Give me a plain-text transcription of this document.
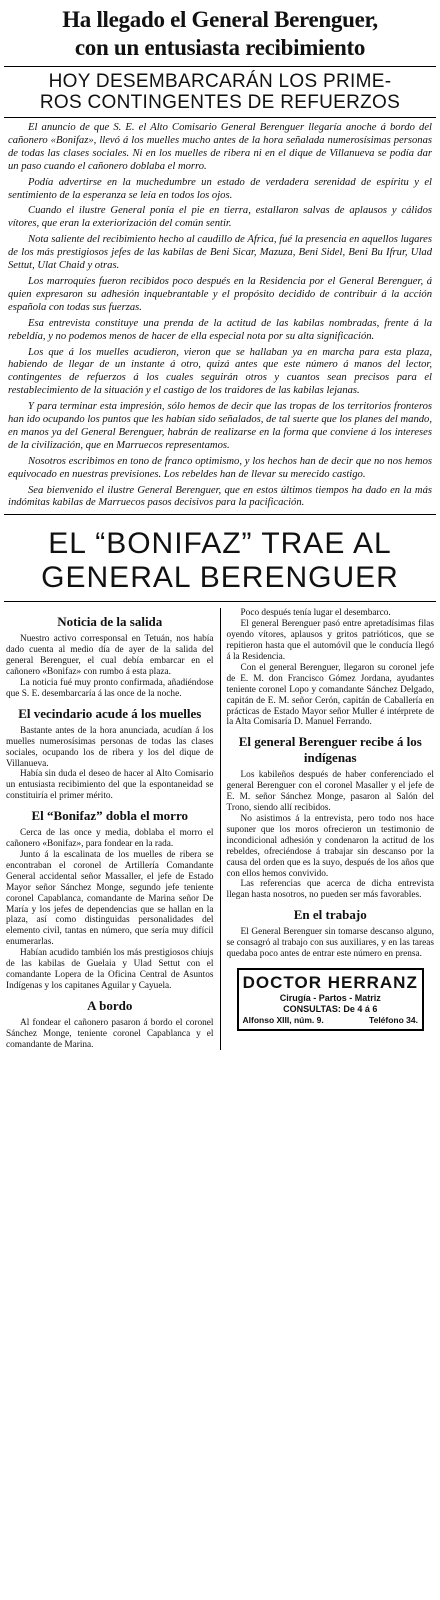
Ha llegado el General Berenguer,
con un entusiasta recibimiento
HOY DESEMBARCARÁN LOS PRIME-
ROS CONTINGENTES DE REFUERZOS

El anuncio de que S. E. el Alto Comisario General Berenguer llegaría anoche á bordo del cañonero «Bonifaz», llevó á los muelles mucho antes de la hora señalada numerosísimas personas de todas las clases sociales. Ni en los muelles de ribera ni en el dique de Villanueva se podía dar un paso cuando el cañonero doblaba el morro.

Podía advertirse en la muchedumbre un estado de verdadera serenidad de espíritu y el sentimiento de la esperanza se leía en todos los ojos.

Cuando el ilustre General ponía el pie en tierra, estallaron salvas de aplausos y cálidos vítores, que eran la exteriorización del común sentir.

Nota saliente del recibimiento hecho al caudillo de Africa, fué la presencia en aquellos lugares de los más prestigiosos jefes de las kabilas de Beni Sicar, Mazuza, Beni Sidel, Beni Bu Ifrur, Ulad Settut, Ulat Chaid y otras.

Los marroquíes fueron recibidos poco después en la Residencia por el General Berenguer, á quien expresaron su adhesión inquebrantable y el propósito decidido de contribuir á la acción española con todas sus fuerzas.

Esa entrevista constituye una prenda de la actitud de las kabilas nombradas, frente á la rebeldía, y no podemos menos de hacer de ella especial nota por su alta significación.

Los que á los muelles acudieron, vieron que se hallaban ya en marcha para esta plaza, habiendo de llegar de un instante á otro, quizá antes que este número á manos del lector, contingentes de refuerzos á los cuales seguirán otros y cuantos sean precisos para el restablecimiento de la situación y el castigo de los traidores de las kabilas lejanas.

Y para terminar esta impresión, sólo hemos de decir que las tropas de los territorios fronteros han ido ocupando los puntos que les habían sido señalados, de tal suerte que los planes del mando, en manos ya del General Berenguer, habrán de realizarse en la forma que conviene á los intereses de la civilización, que en Marruecos representamos.

Nosotros escribimos en tono de franco optimismo, y los hechos han de decir que no nos hemos equivocado en nuestras previsiones. Los rebeldes han de llevar su merecido castigo.

Sea bienvenido el ilustre General Berenguer, que en estos últimos tiempos ha dado en la más indómitas kabilas de Marruecos pasos decisivos para la pacificación.

EL “BONIFAZ” TRAE AL
GENERAL BERENGUER
Noticia de la salida

Nuestro activo corresponsal en Tetuán, nos había dado cuenta al medio día de ayer de la salida del general Berenguer, el cual debía embarcar en el cañonero «Bonifaz» con rumbo á esta plaza.

La noticia fué muy pronto confirmada, añadiéndose que S. E. desembarcaría á las once de la noche.

El vecindario acude á los muelles

Bastante antes de la hora anunciada, acudían á los muelles numerosísimas personas de todas las clases sociales, ocupando los de ribera y los del dique de Villanueva.

Había sin duda el deseo de hacer al Alto Comisario un entusiasta recibimiento del que la espontaneidad se constituiría el primer mérito.

El “Bonifaz” dobla el morro

Cerca de las once y media, doblaba el morro el cañonero «Bonifaz», para fondear en la rada.

Junto á la escalinata de los muelles de ribera se encontraban el coronel de Artillería Comandante General accidental señor Massaller, el jefe de Estado Mayor señor Sánchez Monge, segundo jefe teniente coronel Capablanca, comandante de Marina señor De María y los jefes de dependencias que se hallan en la plaza, así como distinguidas personalidades del elemento civil, tantas en número, que sería muy difícil enumerarlas.

Habían acudido también los más prestigiosos chiujs de las kabilas de Guelaia y Ulad Settut con el comandante Lopera de la Oficina Central de Asuntos Indígenas y los capitanes Aguilar y Cayuela.

A bordo

Al fondear el cañonero pasaron á bordo el coronel Sánchez Monge, teniente coronel Capablanca y el comandante de Marina.

Poco después tenía lugar el desembarco.

El general Berenguer pasó entre apretadísimas filas oyendo vítores, aplausos y gritos patrióticos, que se repitieron hasta que el automóvil que le conducía llegó á la Residencia.

Con el general Berenguer, llegaron su coronel jefe de E. M. don Francisco Gómez Jordana, ayudantes teniente coronel Lopo y comandante Sánchez Delgado, capitán de E. M. señor Cerón, capitán de Caballería en prácticas de Estado Mayor señor Muller é intérprete de la Alta Comisaría D. Manuel Ferrando.

El general Berenguer recibe á los indígenas

Los kabileños después de haber conferenciado el general Berenguer con el coronel Masaller y el jefe de E. M. señor Sánchez Monge, pasaron al Salón del Trono, siendo allí recibidos.

No asistimos á la entrevista, pero todo nos hace suponer que los moros ofrecieron un testimonio de incondicional adhesión y condenaron la actitud de los rebeldes, ofreciéndose á trabajar sin descanso por la causa del orden que es la suyo, después de los años que con ellos hemos convivido.

Las referencias que acerca de dicha entrevista llegan hasta nosotros, no pueden ser más favorables.

En el trabajo

El General Berenguer sin tomarse descanso alguno, se consagró al trabajo con sus auxiliares, y en las tareas quedaba poco antes de entrar este número en prensa.

DOCTOR HERRANZ
Cirugía - Partos - Matriz
CONSULTAS: De 4 á 6
Alfonso XIII, núm. 9.	Teléfono 34.
